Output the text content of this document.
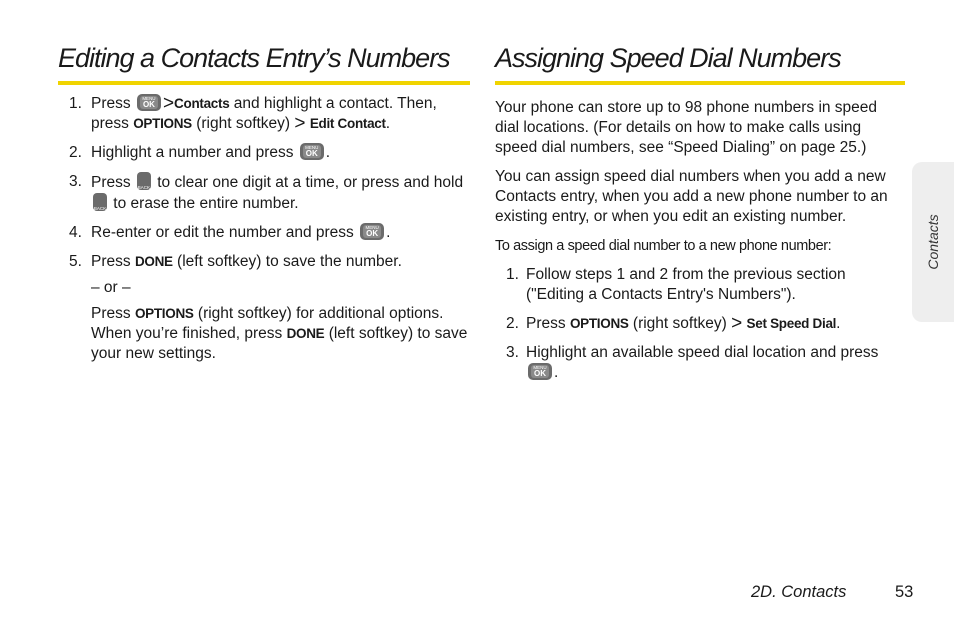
Editing a Contacts Entry’s Numbers
1. Press	MENU
OK >Contacts and highlight a contact. Then, press OPTIONS (right softkey) > Edit Contact.
2. Highlight a number and press	MENU
OK .
3. Press BACK to clear one digit at a time, or press and hold
BACK to erase the entire number.
4. Re-enter or edit the number and press	MENU
OK .
5. Press DONE (left softkey) to save the number.
– or –
Press OPTIONS (right softkey) for additional options. When you’re finished, press DONE (left softkey) to save your new settings.
Assigning Speed Dial Numbers
Your phone can store up to 98 phone numbers in speed dial locations. (For details on how to make calls using speed dial numbers, see “Speed Dialing” on page 25.)
You can assign speed dial numbers when you add a new Contacts entry, when you add a new phone number to an existing entry, or when you edit an existing number.
To assign a speed dial number to a new phone number:
1. Follow steps 1 and 2 from the previous section ("Editing a Contacts Entry's Numbers").
2. Press OPTIONS (right softkey) > Set Speed Dial.
3. Highlight an available speed dial location and press
MENU
OK .
Contacts
2D. Contacts	53
